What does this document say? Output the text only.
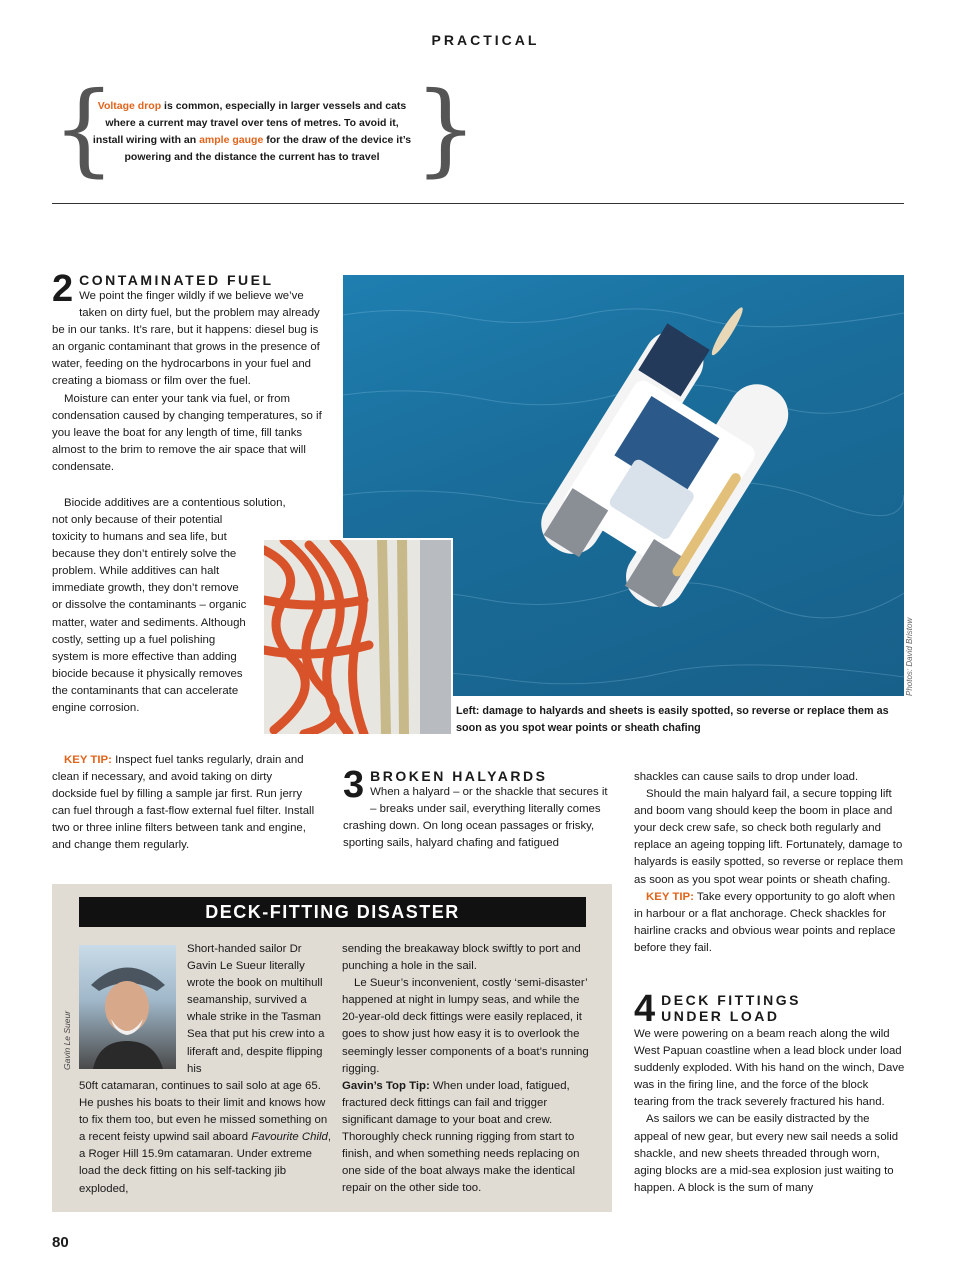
PRACTICAL
{
Voltage drop is common, especially in larger vessels and cats where a current may travel over tens of metres. To avoid it, install wiring with an ample gauge for the draw of the device it’s powering and the distance the current has to travel }
2 CONTAMINATED FUEL

We point the finger wildly if we believe we’ve taken on dirty fuel, but the problem may already be in our tanks. It’s rare, but it happens: diesel bug is an organic contaminant that grows in the presence of water, feeding on the hydrocarbons in your fuel and creating a biomass or film over the fuel.

Moisture can enter your tank via fuel, or from condensation caused by changing temperatures, so if you leave the boat for any length of time, fill tanks almost to the brim to remove the air space that will condensate.

Biocide additives are a contentious solution,

not only because of their potential toxicity to humans and sea life, but because they don’t entirely solve the problem. While additives can halt immediate growth, they don’t remove or dissolve the contaminants – organic matter, water and sediments. Although costly, setting up a fuel polishing system is more effective than adding biocide because it physically removes the contaminants that can accelerate engine corrosion.

KEY TIP: Inspect fuel tanks regularly, drain and clean if necessary, and avoid taking on dirty dockside fuel by filling a sample jar first. Run jerry can fuel through a fast-flow external fuel filter. Install two or three inline filters between tank and engine, and change them regularly.

Photos: David Bristow
Left: damage to halyards and sheets is easily spotted, so reverse or replace them as soon as you spot wear points or sheath chafing
3 BROKEN HALYARDS

When a halyard – or the shackle that secures it – breaks under sail, everything literally comes crashing down. On long ocean passages or frisky, sporting sails, halyard chafing and fatigued

shackles can cause sails to drop under load.

Should the main halyard fail, a secure topping lift and boom vang should keep the boom in place and your deck crew safe, so check both regularly and replace an ageing topping lift. Fortunately, damage to halyards is easily spotted, so reverse or replace them as soon as you spot wear points or sheath chafing.

KEY TIP: Take every opportunity to go aloft when in harbour or a flat anchorage. Check shackles for hairline cracks and obvious wear points and replace before they fail.

4 DECK FITTINGS
UNDER LOAD

We were powering on a beam reach along the wild West Papuan coastline when a lead block under load suddenly exploded. With his hand on the winch, Dave was in the firing line, and the force of the block tearing from the track severely fractured his hand.

As sailors we can be easily distracted by the appeal of new gear, but every new sail needs a solid shackle, and new sheets threaded through worn, aging blocks are a mid-sea explosion just waiting to happen. A block is the sum of many

DECK-FITTING DISASTER
Gavin Le Sueur

Short-handed sailor Dr Gavin Le Sueur literally wrote the book on multihull seamanship, survived a whale strike in the Tasman Sea that put his crew into a liferaft and, despite flipping his

50ft catamaran, continues to sail solo at age 65. He pushes his boats to their limit and knows how to fix them too, but even he missed something on a recent feisty upwind sail aboard Favourite Child, a Roger Hill 15.9m catamaran. Under extreme load the deck fitting on his self-tacking jib exploded,

sending the breakaway block swiftly to port and punching a hole in the sail.

Le Sueur’s inconvenient, costly ‘semi-disaster’ happened at night in lumpy seas, and while the 20-year-old deck fittings were easily replaced, it goes to show just how easy it is to overlook the seemingly lesser components of a boat’s running rigging.

Gavin’s Top Tip: When under load, fatigued, fractured deck fittings can fail and trigger significant damage to your boat and crew. Thoroughly check running rigging from start to finish, and when something needs replacing on one side of the boat always make the identical repair on the other side too.

80
